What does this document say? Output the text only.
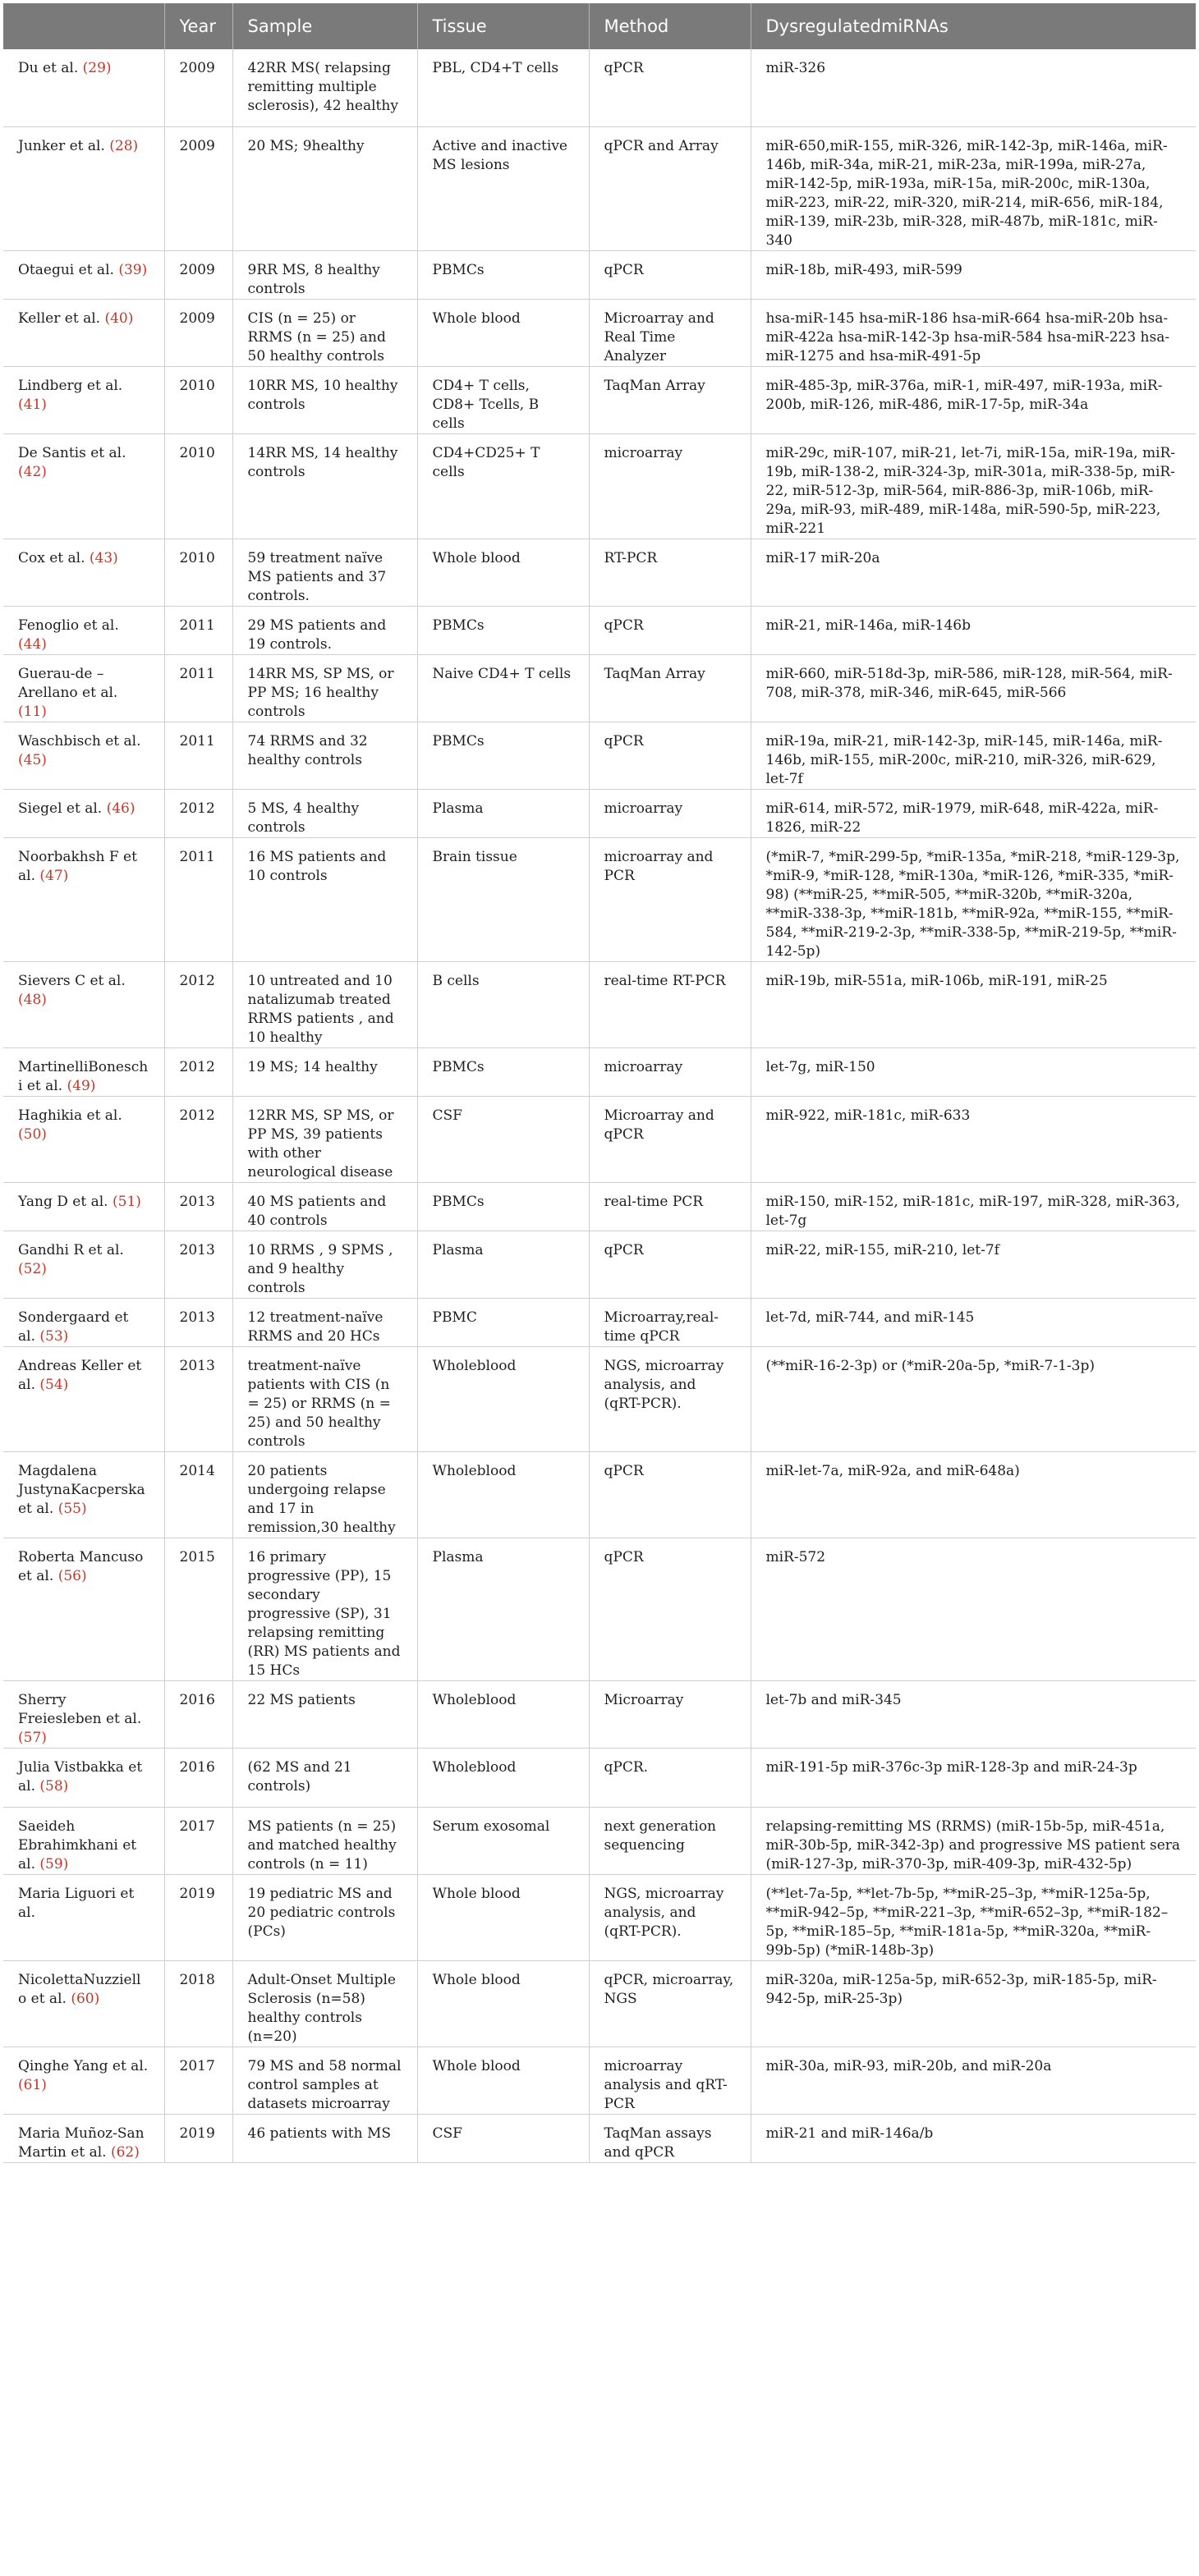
	Year	Sample	Tissue	Method	DysregulatedmiRNAs
Du et al. (29)	2009	42RR MS( relapsing remitting multiple sclerosis), 42 healthy	PBL, CD4+T cells	qPCR	miR-326
Junker et al. (28)	2009	20 MS; 9healthy	Active and inactive MS lesions	qPCR and Array	miR-650,miR-155, miR-326, miR-142-3p, miR-146a, miR-146b, miR-34a, miR-21, miR-23a, miR-199a, miR-27a, miR-142-5p, miR-193a, miR-15a, miR-200c, miR-130a, miR-223, miR-22, miR-320, miR-214, miR-656, miR-184, miR-139, miR-23b, miR-328, miR-487b, miR-181c, miR-340
Otaegui et al. (39)	2009	9RR MS, 8 healthy controls	PBMCs	qPCR	miR-18b, miR-493, miR-599
Keller et al. (40)	2009	CIS (n = 25) or RRMS (n = 25) and 50 healthy controls	Whole blood	Microarray and Real Time Analyzer	hsa-miR-145 hsa-miR-186 hsa-miR-664 hsa-miR-20b hsa-miR-422a hsa-miR-142-3p hsa-miR-584 hsa-miR-223 hsa-miR-1275 and hsa-miR-491-5p
Lindberg et al. (41)	2010	10RR MS, 10 healthy controls	CD4+ T cells, CD8+ Tcells, B cells	TaqMan Array	miR-485-3p, miR-376a, miR-1, miR-497, miR-193a, miR-200b, miR-126, miR-486, miR-17-5p, miR-34a
De Santis et al. (42)	2010	14RR MS, 14 healthy controls	CD4+CD25+ T cells	microarray	miR-29c, miR-107, miR-21, let-7i, miR-15a, miR-19a, miR-19b, miR-138-2, miR-324-3p, miR-301a, miR-338-5p, miR-22, miR-512-3p, miR-564, miR-886-3p, miR-106b, miR-29a, miR-93, miR-489, miR-148a, miR-590-5p, miR-223, miR-221
Cox et al. (43)	2010	59 treatment naïve MS patients and 37 controls.	Whole blood	RT-PCR	miR-17 miR-20a
Fenoglio et al. (44)	2011	29 MS patients and 19 controls.	PBMCs	qPCR	miR-21, miR-146a, miR-146b
Guerau-de –Arellano et al. (11)	2011	14RR MS, SP MS, or PP MS; 16 healthy controls	Naive CD4+ T cells	TaqMan Array	miR-660, miR-518d-3p, miR-586, miR-128, miR-564, miR-708, miR-378, miR-346, miR-645, miR-566
Waschbisch et al. (45)	2011	74 RRMS and 32 healthy controls	PBMCs	qPCR	miR-19a, miR-21, miR-142-3p, miR-145, miR-146a, miR-146b, miR-155, miR-200c, miR-210, miR-326, miR-629, let-7f
Siegel et al. (46)	2012	5 MS, 4 healthy controls	Plasma	microarray	miR-614, miR-572, miR-1979, miR-648, miR-422a, miR-1826, miR-22
Noorbakhsh F et al. (47)	2011	16 MS patients and 10 controls	Brain tissue	microarray and PCR	(*miR-7, *miR-299-5p, *miR-135a, *miR-218, *miR-129-3p, *miR-9, *miR-128, *miR-130a, *miR-126, *miR-335, *miR-98) (**miR-25, **miR-505, **miR-320b, **miR-320a, **miR-338-3p, **miR-181b, **miR-92a, **miR-155, **miR-584, **miR-219-2-3p, **miR-338-5p, **miR-219-5p, **miR-142-5p)
Sievers C et al. (48)	2012	10 untreated and 10 natalizumab treated RRMS patients , and 10 healthy	B cells	real-time RT-PCR	miR-19b, miR-551a, miR-106b, miR-191, miR-25
MartinelliBoneschi et al. (49)	2012	19 MS; 14 healthy	PBMCs	microarray	let-7g, miR-150
Haghikia et al. (50)	2012	12RR MS, SP MS, or PP MS, 39 patients with other neurological disease	CSF	Microarray and qPCR	miR-922, miR-181c, miR-633
Yang D et al. (51)	2013	40 MS patients and 40 controls	PBMCs	real-time PCR	miR-150, miR-152, miR-181c, miR-197, miR-328, miR-363, let-7g
Gandhi R et al. (52)	2013	10 RRMS , 9 SPMS , and 9 healthy controls	Plasma	qPCR	miR-22, miR-155, miR-210, let-7f
Sondergaard et al. (53)	2013	12 treatment-naïve RRMS and 20 HCs	PBMC	Microarray,real-time qPCR	let-7d, miR-744, and miR-145
Andreas Keller et al. (54)	2013	treatment-naïve patients with CIS (n = 25) or RRMS (n = 25) and 50 healthy controls	Wholeblood	NGS, microarray analysis, and (qRT-PCR).	(**miR-16-2-3p) or (*miR-20a-5p, *miR-7-1-3p)
Magdalena JustynaKacperska et al. (55)	2014	20 patients undergoing relapse and 17 in remission,30 healthy	Wholeblood	qPCR	miR-let-7a, miR-92a, and miR-648a)
Roberta Mancuso et al. (56)	2015	16 primary progressive (PP), 15 secondary progressive (SP), 31 relapsing remitting (RR) MS patients and 15 HCs	Plasma	qPCR	miR-572
Sherry Freiesleben et al. (57)	2016	22 MS patients	Wholeblood	Microarray	let-7b and miR-345
Julia Vistbakka et al. (58)	2016	(62 MS and 21 controls)	Wholeblood	qPCR.	miR-191-5p miR-376c-3p miR-128-3p and miR-24-3p
Saeideh Ebrahimkhani et al. (59)	2017	MS patients (n = 25) and matched healthy controls (n = 11)	Serum exosomal	next generation sequencing	relapsing-remitting MS (RRMS) (miR-15b-5p, miR-451a, miR-30b-5p, miR-342-3p) and progressive MS patient sera (miR-127-3p, miR-370-3p, miR-409-3p, miR-432-5p)
Maria Liguori et al.	2019	19 pediatric MS and 20 pediatric controls (PCs)	Whole blood	NGS, microarray analysis, and (qRT-PCR).	(**let-7a-5p, **let-7b-5p, **miR-25–3p, **miR-125a-5p, **miR-942–5p, **miR-221–3p, **miR-652–3p, **miR-182–5p, **miR-185–5p, **miR-181a-5p, **miR-320a, **miR-99b-5p) (*miR-148b-3p)
NicolettaNuzziello et al. (60)	2018	Adult-Onset Multiple Sclerosis (n=58) healthy controls (n=20)	Whole blood	qPCR, microarray, NGS	miR-320a, miR-125a-5p, miR-652-3p, miR-185-5p, miR-942-5p, miR-25-3p)
Qinghe Yang et al. (61)	2017	79 MS and 58 normal control samples at datasets microarray	Whole blood	microarray analysis and qRT-PCR	miR-30a, miR-93, miR-20b, and miR-20a
Maria Muñoz-San Martin et al. (62)	2019	46 patients with MS	CSF	TaqMan assays and qPCR	miR-21 and miR-146a/b
